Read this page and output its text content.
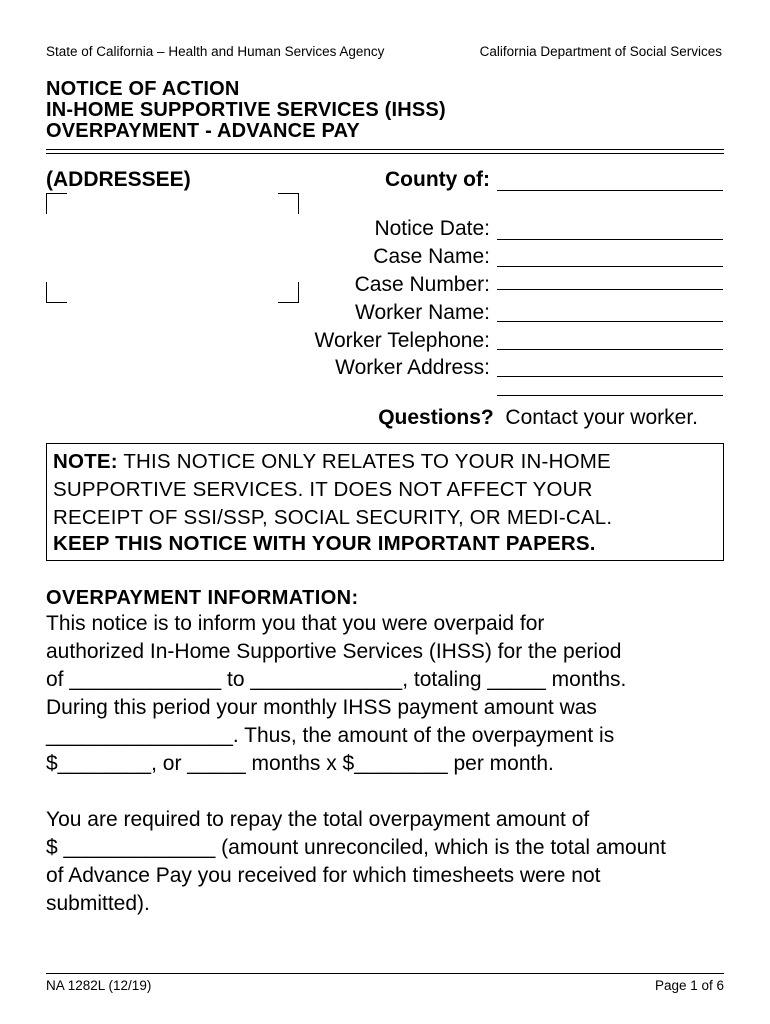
State of California – Health and Human Services Agency	California Department of Social Services
NOTICE OF ACTION
IN-HOME SUPPORTIVE SERVICES (IHSS)
OVERPAYMENT - ADVANCE PAY
(ADDRESSEE)	County of:
Notice Date:
Case Name:
Case Number:
Worker Name:
Worker Telephone:
Worker Address:
Questions? Contact your worker.
NOTE: THIS NOTICE ONLY RELATES TO YOUR IN-HOME
SUPPORTIVE SERVICES. IT DOES NOT AFFECT YOUR
RECEIPT OF SSI/SSP, SOCIAL SECURITY, OR MEDI-CAL.
KEEP THIS NOTICE WITH YOUR IMPORTANT PAPERS.
OVERPAYMENT INFORMATION:
This notice is to inform you that you were overpaid for
authorized In-Home Supportive Services (IHSS) for the period
of _____________ to _____________, totaling _____ months.
During this period your monthly IHSS payment amount was
________________. Thus, the amount of the overpayment is
$________, or _____ months x $________ per month.
You are required to repay the total overpayment amount of
$ _____________ (amount unreconciled, which is the total amount
of Advance Pay you received for which timesheets were not
submitted).
NA 1282L (12/19)	Page 1 of 6
